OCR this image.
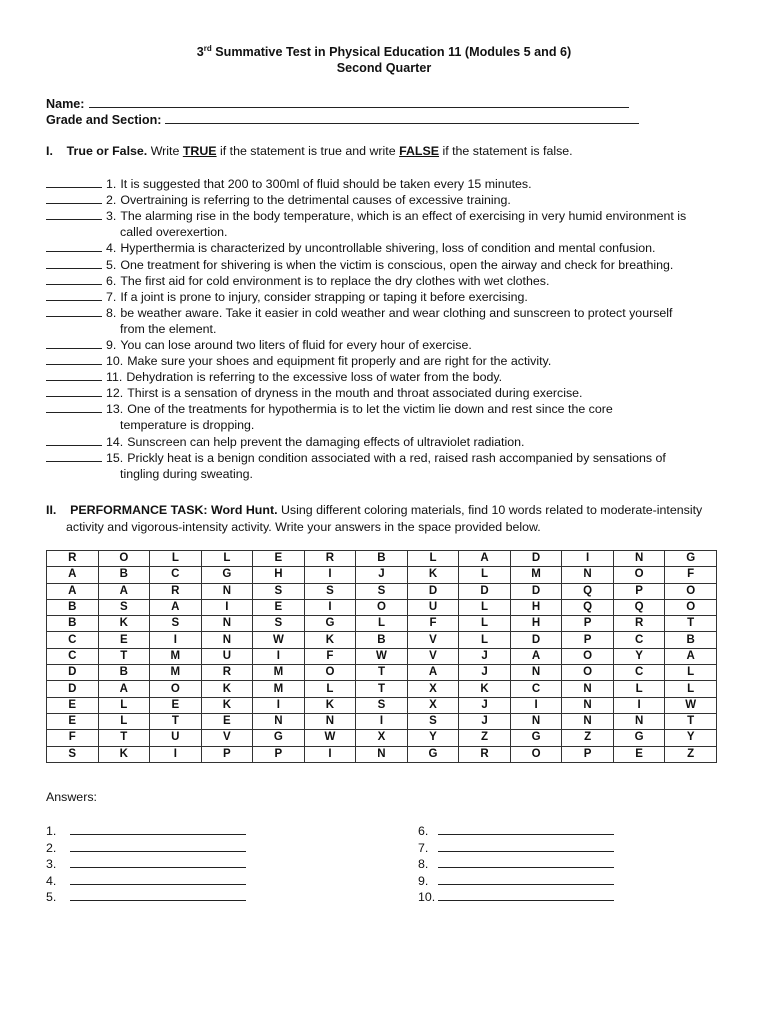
3rd Summative Test in Physical Education 11 (Modules 5 and 6)
Second Quarter
Name:
Grade and Section:
I. True or False. Write TRUE if the statement is true and write FALSE if the statement is false.
1. It is suggested that 200 to 300ml of fluid should be taken every 15 minutes.
2. Overtraining is referring to the detrimental causes of excessive training.
3. The alarming rise in the body temperature, which is an effect of exercising in very humid environment is
called overexertion.
4. Hyperthermia is characterized by uncontrollable shivering, loss of condition and mental confusion.
5. One treatment for shivering is when the victim is conscious, open the airway and check for breathing.
6. The first aid for cold environment is to replace the dry clothes with wet clothes.
7. If a joint is prone to injury, consider strapping or taping it before exercising.
8. be weather aware. Take it easier in cold weather and wear clothing and sunscreen to protect yourself
from the element.
9. You can lose around two liters of fluid for every hour of exercise.
10. Make sure your shoes and equipment fit properly and are right for the activity.
11. Dehydration is referring to the excessive loss of water from the body.
12. Thirst is a sensation of dryness in the mouth and throat associated during exercise.
13. One of the treatments for hypothermia is to let the victim lie down and rest since the core
temperature is dropping.
14. Sunscreen can help prevent the damaging effects of ultraviolet radiation.
15. Prickly heat is a benign condition associated with a red, raised rash accompanied by sensations of
tingling during sweating.
II. PERFORMANCE TASK: Word Hunt. Using different coloring materials, find 10 words related to moderate-intensity
activity and vigorous-intensity activity. Write your answers in the space provided below.
R	O	L	L	E	R	B	L	A	D	I	N	G
A	B	C	G	H	I	J	K	L	M	N	O	F
A	A	R	N	S	S	S	D	D	D	Q	P	O
B	S	A	I	E	I	O	U	L	H	Q	Q	O
B	K	S	N	S	G	L	F	L	H	P	R	T
C	E	I	N	W	K	B	V	L	D	P	C	B
C	T	M	U	I	F	W	V	J	A	O	Y	A
D	B	M	R	M	O	T	A	J	N	O	C	L
D	A	O	K	M	L	T	X	K	C	N	L	L
E	L	E	K	I	K	S	X	J	I	N	I	W
E	L	T	E	N	N	I	S	J	N	N	N	T
F	T	U	V	G	W	X	Y	Z	G	Z	G	Y
S	K	I	P	P	I	N	G	R	O	P	E	Z
Answers:
1.
2.
3.
4.
5.
6.
7.
8.
9.
10.
